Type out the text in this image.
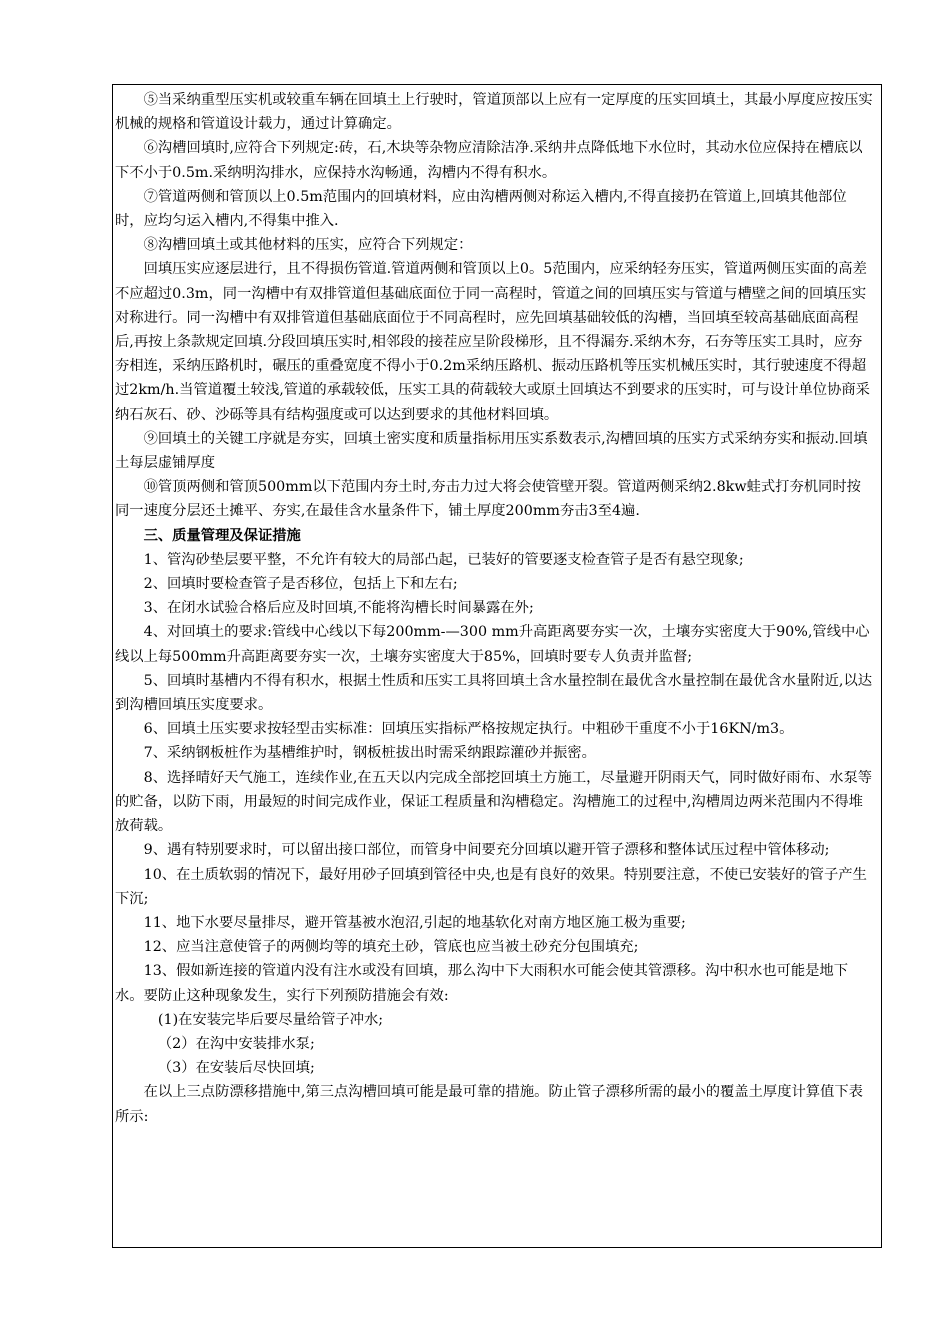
⑤当采纳重型压实机或较重车辆在回填土上行驶时，管道顶部以上应有一定厚度的压实回填土，其最小厚度应按压实机械的规格和管道设计载力，通过计算确定。

⑥沟槽回填时,应符合下列规定:砖，石,木块等杂物应清除洁净.采纳井点降低地下水位时，其动水位应保持在槽底以下不小于0.5m.采纳明沟排水，应保持水沟畅通，沟槽内不得有积水。

⑦管道两侧和管顶以上0.5m范围内的回填材料，应由沟槽两侧对称运入槽内,不得直接扔在管道上,回填其他部位时，应均匀运入槽内,不得集中推入.

⑧沟槽回填土或其他材料的压实，应符合下列规定：

回填压实应逐层进行，且不得损伤管道.管道两侧和管顶以上0。5范围内，应采纳轻夯压实，管道两侧压实面的高差不应超过0.3m，同一沟槽中有双排管道但基础底面位于同一高程时，管道之间的回填压实与管道与槽壁之间的回填压实对称进行。同一沟槽中有双排管道但基础底面位于不同高程时，应先回填基础较低的沟槽，当回填至较高基础底面高程后,再按上条款规定回填.分段回填压实时,相邻段的接茬应呈阶段梯形，且不得漏夯.采纳木夯，石夯等压实工具时，应夯夯相连，采纳压路机时，碾压的重叠宽度不得小于0.2m采纳压路机、振动压路机等压实机械压实时，其行驶速度不得超过2km/h.当管道覆土较浅,管道的承载较低，压实工具的荷载较大或原土回填达不到要求的压实时，可与设计单位协商采纳石灰石、砂、沙砾等具有结构强度或可以达到要求的其他材料回填。

⑨回填土的关键工序就是夯实，回填土密实度和质量指标用压实系数表示,沟槽回填的压实方式采纳夯实和振动.回填土每层虚铺厚度

⑩管顶两侧和管顶500mm以下范围内夯土时,夯击力过大将会使管壁开裂。管道两侧采纳2.8kw蛙式打夯机同时按同一速度分层还土摊平、夯实,在最佳含水量条件下，铺土厚度200mm夯击3至4遍.

三、质量管理及保证措施

1、管沟砂垫层要平整，不允许有较大的局部凸起，已装好的管要逐支检查管子是否有悬空现象;

2、回填时要检查管子是否移位，包括上下和左右;

3、在闭水试验合格后应及时回填,不能将沟槽长时间暴露在外;

4、对回填土的要求:管线中心线以下每200mm-—300 mm升高距离要夯实一次，土壤夯实密度大于90%,管线中心线以上每500mm升高距离要夯实一次，土壤夯实密度大于85%，回填时要专人负责并监督;

5、回填时基槽内不得有积水，根据土性质和压实工具将回填土含水量控制在最优含水量控制在最优含水量附近,以达到沟槽回填压实度要求。

6、回填土压实要求按轻型击实标准：回填压实指标严格按规定执行。中粗砂干重度不小于16KN/m3。

7、采纳钢板桩作为基槽维护时，钢板桩拔出时需采纳跟踪灌砂并振密。

8、选择晴好天气施工，连续作业,在五天以内完成全部挖回填土方施工，尽量避开阴雨天气，同时做好雨布、水泵等的贮备，以防下雨，用最短的时间完成作业，保证工程质量和沟槽稳定。沟槽施工的过程中,沟槽周边两米范围内不得堆放荷载。

9、遇有特别要求时，可以留出接口部位，而管身中间要充分回填以避开管子漂移和整体试压过程中管体移动;

10、在土质软弱的情况下，最好用砂子回填到管径中央,也是有良好的效果。特别要注意，不使已安装好的管子产生下沉;

11、地下水要尽量排尽，避开管基被水泡沼,引起的地基软化对南方地区施工极为重要;

12、应当注意使管子的两侧均等的填充土砂，管底也应当被土砂充分包围填充;

13、假如新连接的管道内没有注水或没有回填，那么沟中下大雨积水可能会使其管漂移。沟中积水也可能是地下水。要防止这种现象发生，实行下列预防措施会有效:

(1)在安装完毕后要尽量给管子冲水;

（2）在沟中安装排水泵;

（3）在安装后尽快回填;

在以上三点防漂移措施中,第三点沟槽回填可能是最可靠的措施。防止管子漂移所需的最小的覆盖土厚度计算值下表所示:
